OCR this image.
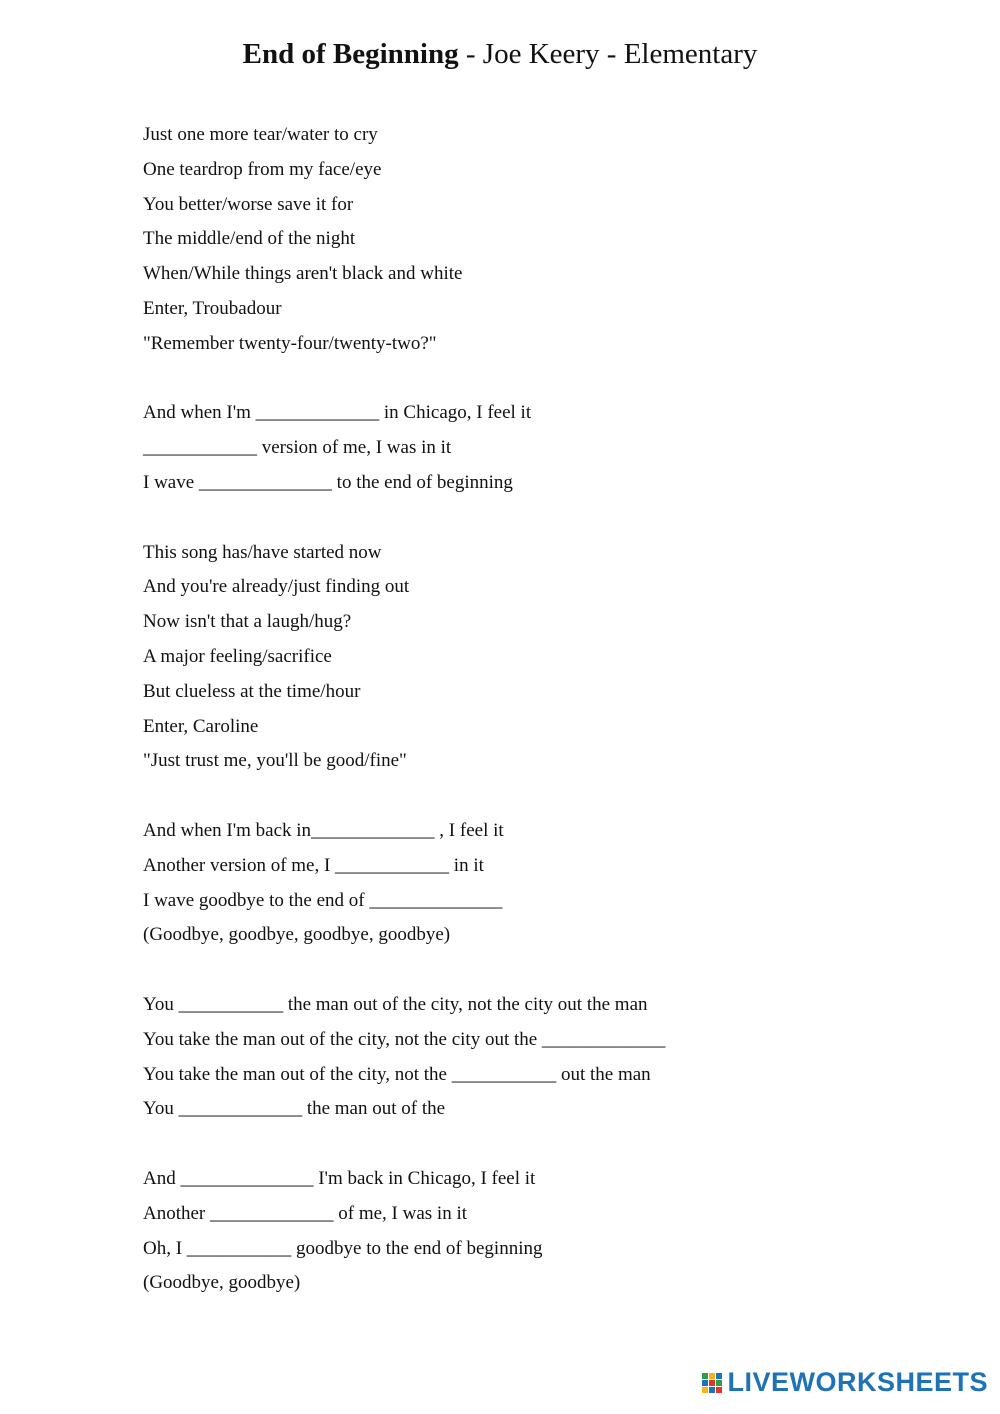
End of Beginning - Joe Keery - Elementary
Just one more tear/water to cry
One teardrop from my face/eye
You better/worse save it for
The middle/end of the night
When/While things aren't black and white
Enter, Troubadour
"Remember twenty-four/twenty-two?"
And when I'm _____________ in Chicago, I feel it
____________ version of me, I was in it
I wave ______________ to the end of beginning
This song has/have started now
And you're already/just finding out
Now isn't that a laugh/hug?
A major feeling/sacrifice
But clueless at the time/hour
Enter, Caroline
"Just trust me, you'll be good/fine"
And when I'm back in_____________ , I feel it
Another version of me, I ____________ in it
I wave goodbye to the end of ______________
(Goodbye, goodbye, goodbye, goodbye)
You ___________ the man out of the city, not the city out the man
You take the man out of the city, not the city out the _____________
You take the man out of the city, not the ___________ out the man
You _____________ the man out of the
And ______________ I'm back in Chicago, I feel it
Another _____________ of me, I was in it
Oh, I ___________ goodbye to the end of beginning
(Goodbye, goodbye)
LIVEWORKSHEETS
